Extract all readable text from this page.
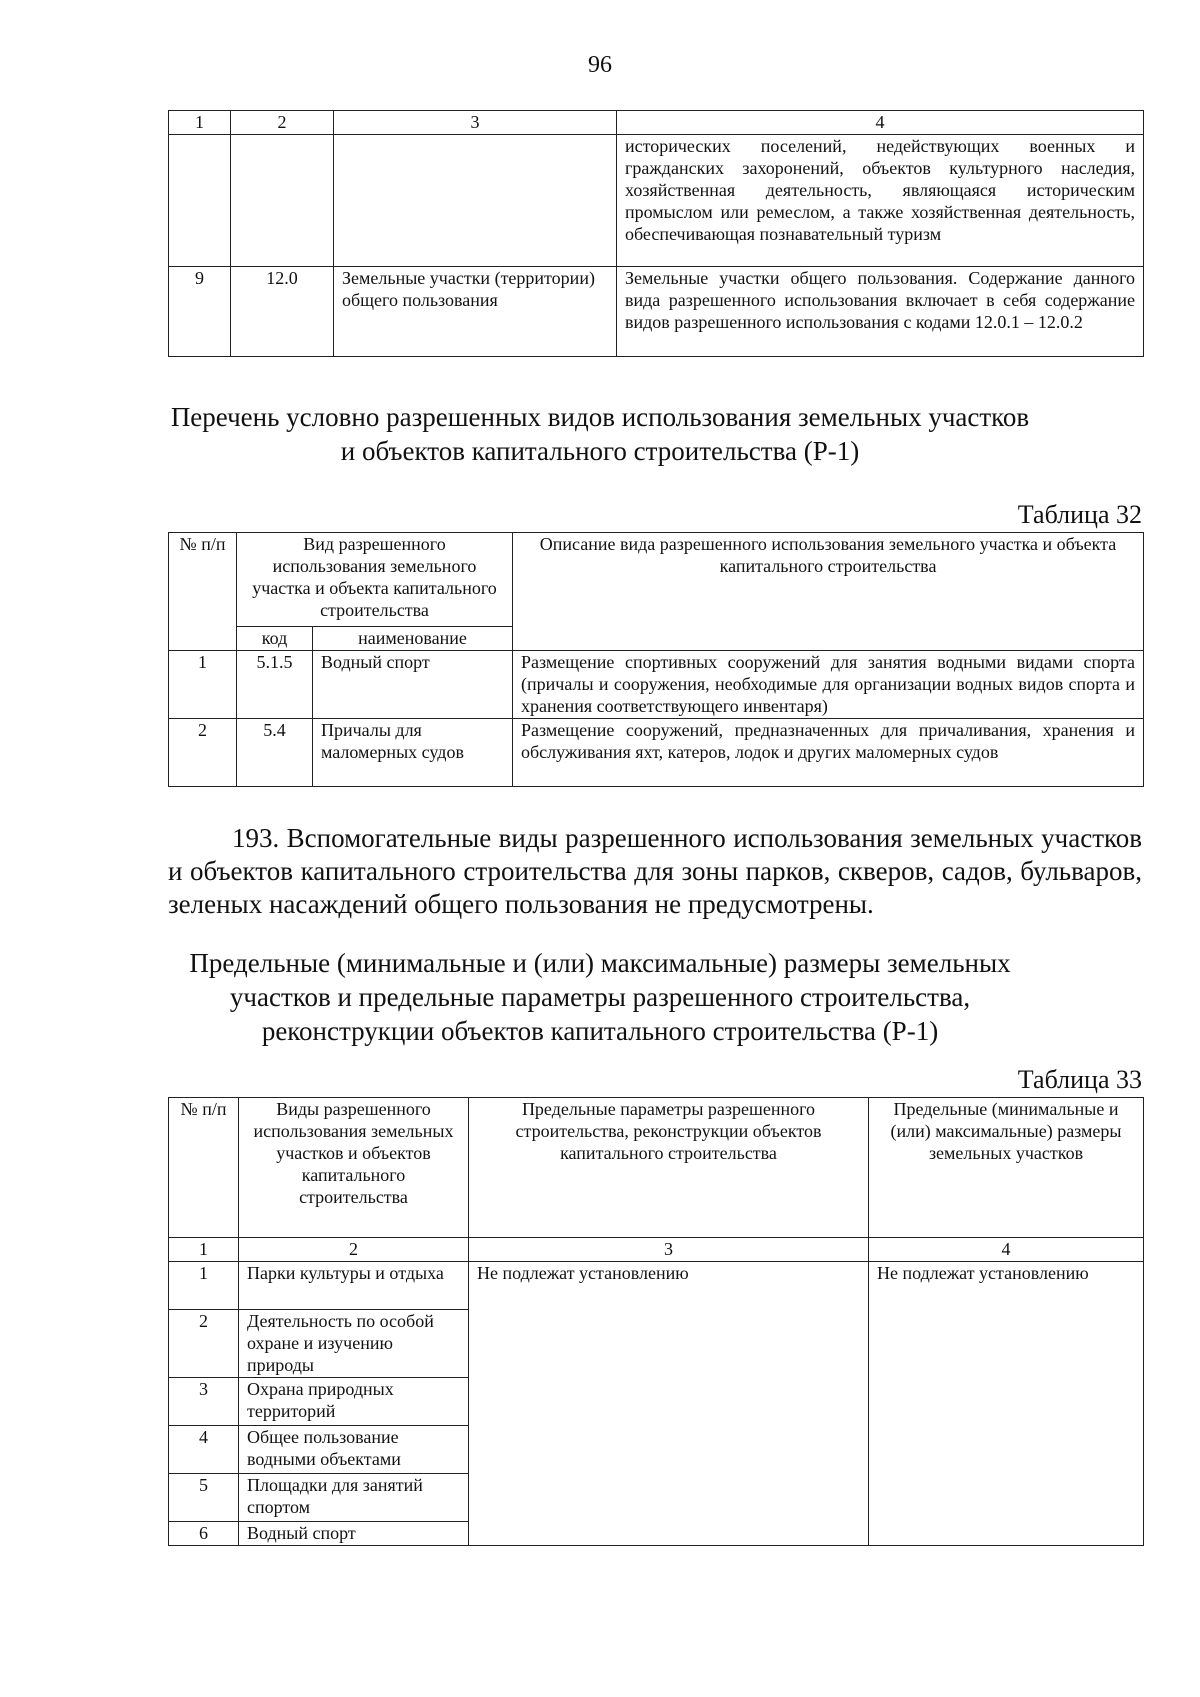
96
1	2	3	4
			исторических поселений, недействующих военных и гражданских захоронений, объектов культурного наследия, хозяйственная деятельность, являющаяся историческим промыслом или ремеслом, а также хозяйственная деятельность, обеспечивающая познавательный туризм
9	12.0	Земельные участки (территории) общего пользования	Земельные участки общего пользования. Содержание данного вида разрешенного использования включает в себя содержание видов разрешенного использования с кодами 12.0.1 – 12.0.2
Перечень условно разрешенных видов использования земельных участков
и объектов капитального строительства (Р-1)
Таблица 32
№ п/п	Вид разрешенного использования земельного участка и объекта капитального строительства		Описание вида разрешенного использования земельного участка и объекта капитального строительства
	код	наименование	
1	5.1.5	Водный спорт	Размещение спортивных сооружений для занятия водными видами спорта (причалы и сооружения, необходимые для организации водных видов спорта и хранения соответствующего инвентаря)
2	5.4	Причалы для маломерных судов	Размещение сооружений, предназначенных для причаливания, хранения и обслуживания яхт, катеров, лодок и других маломерных судов
193. Вспомогательные виды разрешенного использования земельных участков и объектов капитального строительства для зоны парков, скверов, садов, бульваров, зеленых насаждений общего пользования не предусмотрены.
Предельные (минимальные и (или) максимальные) размеры земельных
участков и предельные параметры разрешенного строительства,
реконструкции объектов капитального строительства (Р-1)
Таблица 33
№ п/п	Виды разрешенного использования земельных участков и объектов капитального строительства	Предельные параметры разрешенного строительства, реконструкции объектов капитального строительства	Предельные (минимальные и (или) максимальные) размеры земельных участков
1	2	3	4
1	Парки культуры и отдыха	Не подлежат установлению	Не подлежат установлению
2	Деятельность по особой охране и изучению природы		
3	Охрана природных территорий		
4	Общее пользование водными объектами		
5	Площадки для занятий спортом		
6	Водный спорт		
